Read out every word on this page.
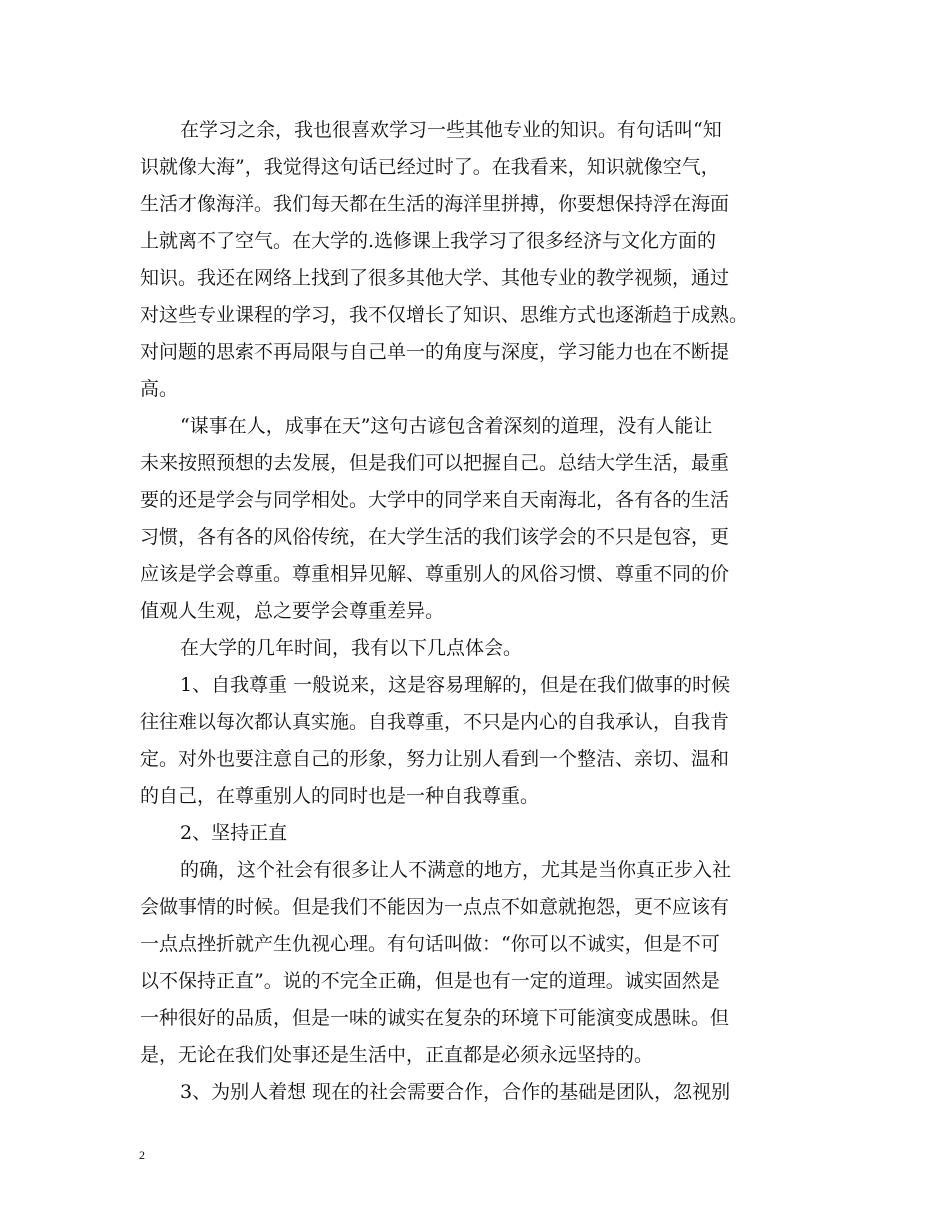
在学习之余，我也很喜欢学习一些其他专业的知识。有句话叫“知
识就像大海”，我觉得这句话已经过时了。在我看来，知识就像空气，
生活才像海洋。我们每天都在生活的海洋里拼搏，你要想保持浮在海面
上就离不了空气。在大学的.选修课上我学习了很多经济与文化方面的
知识。我还在网络上找到了很多其他大学、其他专业的教学视频，通过
对这些专业课程的学习，我不仅增长了知识、思维方式也逐渐趋于成熟。
对问题的思索不再局限与自己单一的角度与深度，学习能力也在不断提
高。
“谋事在人，成事在天”这句古谚包含着深刻的道理，没有人能让
未来按照预想的去发展，但是我们可以把握自己。总结大学生活，最重
要的还是学会与同学相处。大学中的同学来自天南海北，各有各的生活
习惯，各有各的风俗传统，在大学生活的我们该学会的不只是包容，更
应该是学会尊重。尊重相异见解、尊重别人的风俗习惯、尊重不同的价
值观人生观，总之要学会尊重差异。
在大学的几年时间，我有以下几点体会。
1、自我尊重 一般说来，这是容易理解的，但是在我们做事的时候
往往难以每次都认真实施。自我尊重，不只是内心的自我承认，自我肯
定。对外也要注意自己的形象，努力让别人看到一个整洁、亲切、温和
的自己，在尊重别人的同时也是一种自我尊重。
2、坚持正直
的确，这个社会有很多让人不满意的地方，尤其是当你真正步入社
会做事情的时候。但是我们不能因为一点点不如意就抱怨，更不应该有
一点点挫折就产生仇视心理。有句话叫做：“你可以不诚实，但是不可
以不保持正直”。说的不完全正确，但是也有一定的道理。诚实固然是
一种很好的品质，但是一味的诚实在复杂的环境下可能演变成愚昧。但
是，无论在我们处事还是生活中，正直都是必须永远坚持的。
3、为别人着想 现在的社会需要合作，合作的基础是团队，忽视别
2
